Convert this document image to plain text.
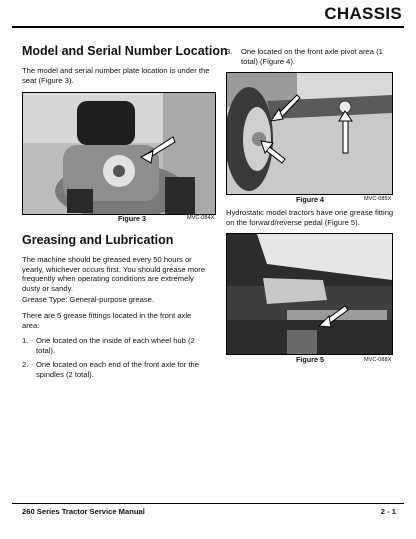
CHASSIS
Model and Serial Number Location

The model and serial number plate location is under the seat (Figure 3).

Figure 3	MVC-084X
Greasing and Lubrication

The machine should be greased every 50 hours or yearly, whichever occurs first. You should grease more frequently when operating conditions are extremely dusty or sandy.

Grease Type: General-purpose grease.

There are 5 grease fittings located in the front axle area:

1. One located on the inside of each wheel hub (2 total).

2. One located on each end of the front axle for the spindles (2 total).

3. One located on the front axle pivot area (1 total) (Figure 4).

Figure 4	MVC-085X

Hydrostatic model tractors have one grease fitting on the forward/reverse pedal (Figure 5).

Figure 5	MVC-088X
260 Series Tractor Service Manual	2 - 1
